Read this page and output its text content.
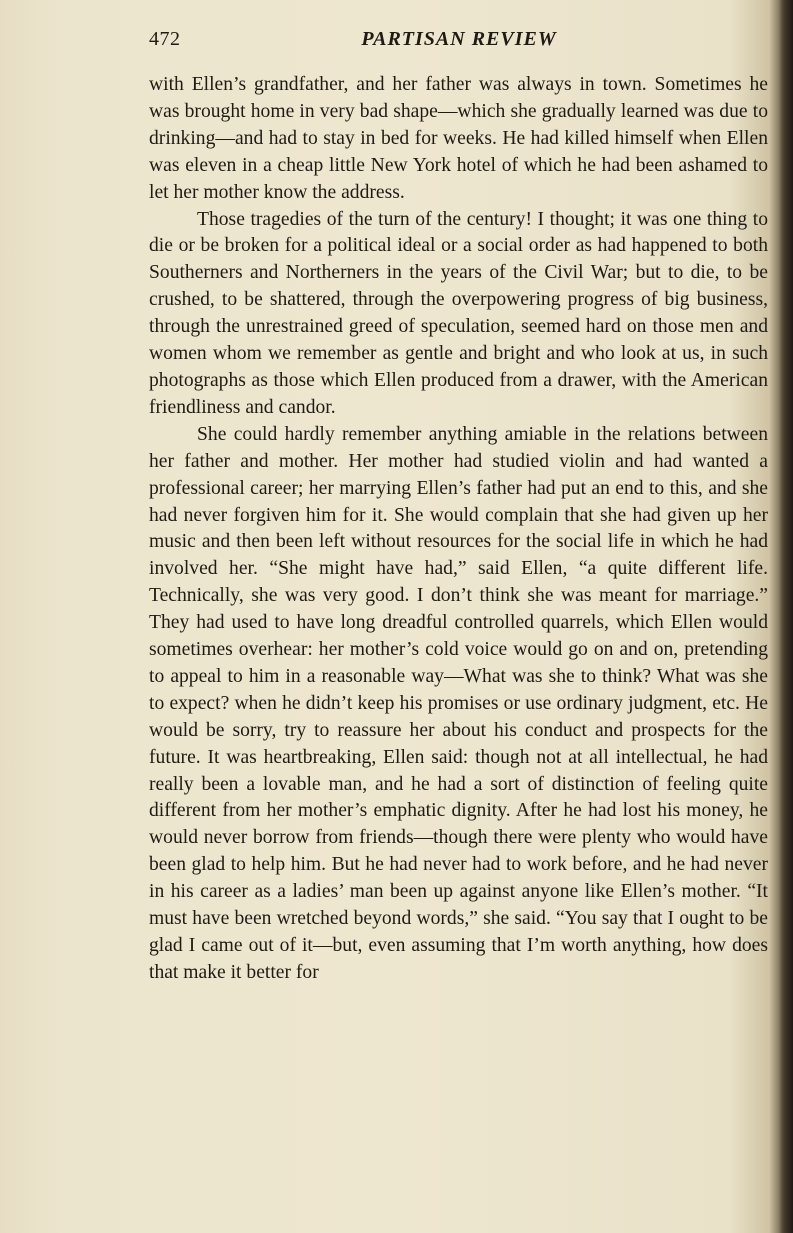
472	PARTISAN REVIEW

with Ellen’s grandfather, and her father was always in town. Sometimes he was brought home in very bad shape—which she gradually learned was due to drinking—and had to stay in bed for weeks. He had killed himself when Ellen was eleven in a cheap little New York hotel of which he had been ashamed to let her mother know the address.

Those tragedies of the turn of the century! I thought; it was one thing to die or be broken for a political ideal or a social order as had happened to both Southerners and Northerners in the years of the Civil War; but to die, to be crushed, to be shattered, through the overpowering progress of big business, through the unrestrained greed of speculation, seemed hard on those men and women whom we remember as gentle and bright and who look at us, in such photographs as those which Ellen produced from a drawer, with the American friendliness and candor.

She could hardly remember anything amiable in the relations between her father and mother. Her mother had studied violin and had wanted a professional career; her marrying Ellen’s father had put an end to this, and she had never forgiven him for it. She would complain that she had given up her music and then been left without resources for the social life in which he had involved her. “She might have had,” said Ellen, “a quite different life. Technically, she was very good. I don’t think she was meant for marriage.” They had used to have long dreadful controlled quarrels, which Ellen would sometimes overhear: her mother’s cold voice would go on and on, pretending to appeal to him in a reasonable way—What was she to think? What was she to expect? when he didn’t keep his promises or use ordinary judgment, etc. He would be sorry, try to reassure her about his conduct and prospects for the future. It was heartbreaking, Ellen said: though not at all intellectual, he had really been a lovable man, and he had a sort of distinction of feeling quite different from her mother’s emphatic dignity. After he had lost his money, he would never borrow from friends—though there were plenty who would have been glad to help him. But he had never had to work before, and he had never in his career as a ladies’ man been up against anyone like Ellen’s mother. “It must have been wretched beyond words,” she said. “You say that I ought to be glad I came out of it—but, even assuming that I’m worth anything, how does that make it better for
